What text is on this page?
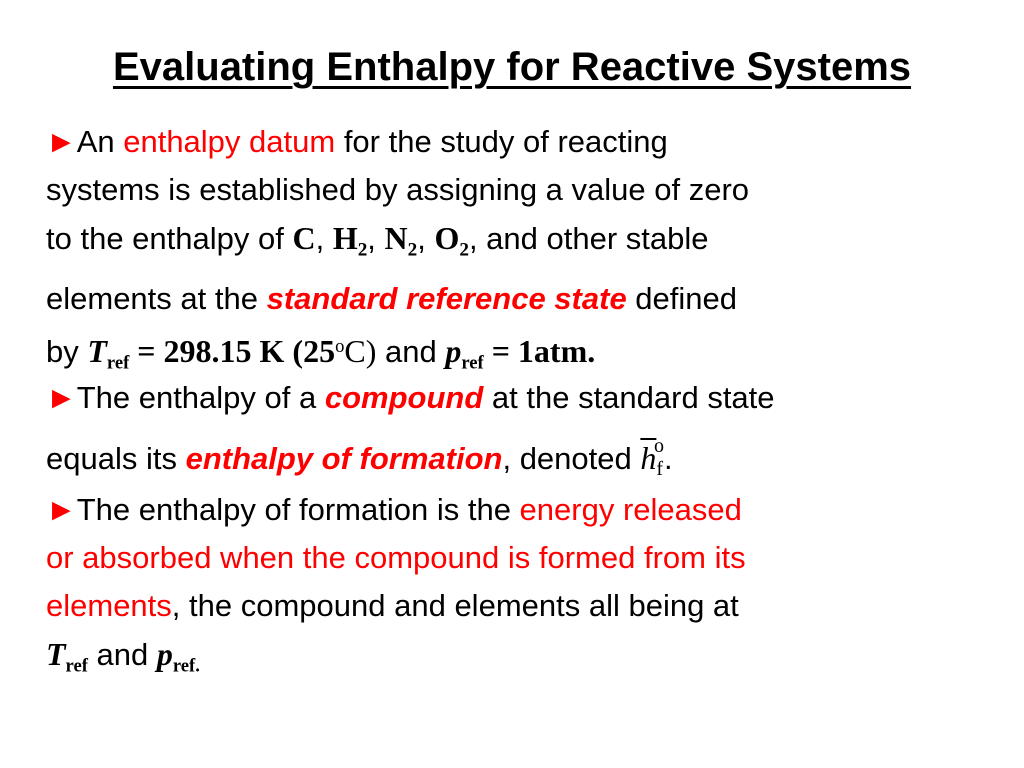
Evaluating Enthalpy for Reactive Systems
►An enthalpy datum for the study of reacting
systems is established by assigning a value of zero
to the enthalpy of C, $H_2$, $N_2$, $O_2$, and other stable
elements at the standard reference state defined
by $T_{ref} = 298.15$ K (25$^o$C) and $p_{ref} = 1atm$.
►The enthalpy of a compound at the standard state
equals its enthalpy of formation, denoted $\overline{h}f^o$.
►The enthalpy of formation is the energy released
or absorbed when the compound is formed from its
elements, the compound and elements all being at
$T_{ref}$ and $p_{ref.}$
